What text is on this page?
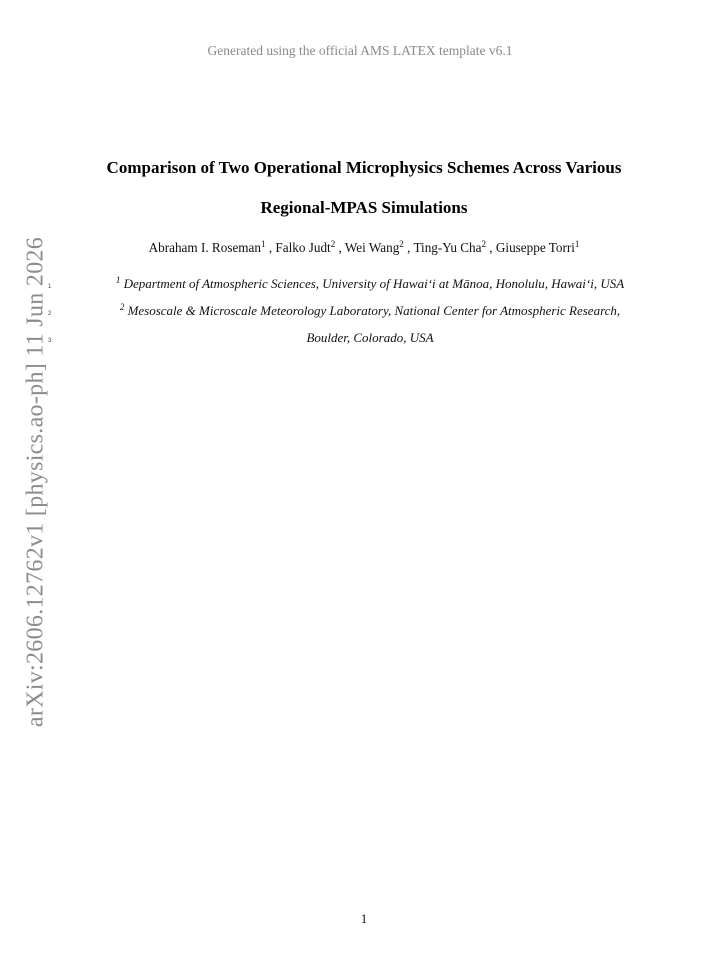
Generated using the official AMS LATEX template v6.1
arXiv:2606.12762v1 [physics.ao-ph] 11 Jun 2026
Comparison of Two Operational Microphysics Schemes Across Various
Regional-MPAS Simulations
Abraham I. Roseman$^1$ , Falko Judt$^2$ , Wei Wang$^2$ , Ting-Yu Cha$^2$ , Giuseppe Torri$^1$
1
2
3
$^1$ Department of Atmospheric Sciences, University of Hawai‘i at Mānoa, Honolulu, Hawai‘i, USA
$^2$ Mesoscale & Microscale Meteorology Laboratory, National Center for Atmospheric Research,
Boulder, Colorado, USA
1
